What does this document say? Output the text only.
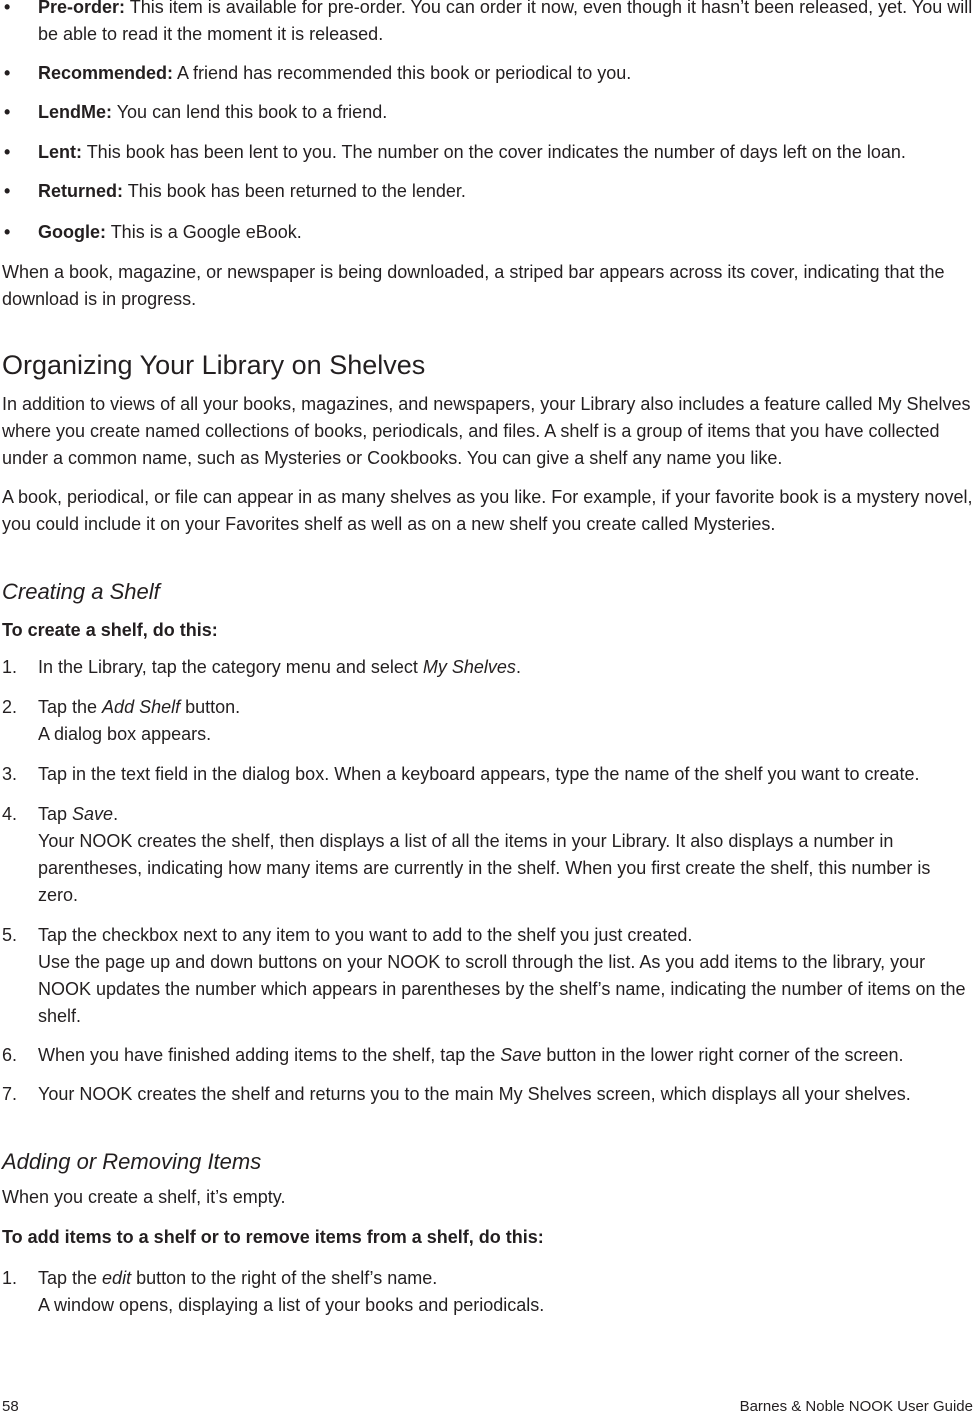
• Pre-order: This item is available for pre-order. You can order it now, even though it hasn’t been released, yet. You will be able to read it the moment it is released.
• Recommended: A friend has recommended this book or periodical to you.
• LendMe: You can lend this book to a friend.
• Lent: This book has been lent to you. The number on the cover indicates the number of days left on the loan.
• Returned: This book has been returned to the lender.
• Google: This is a Google eBook.

When a book, magazine, or newspaper is being downloaded, a striped bar appears across its cover, indicating that the download is in progress.

Organizing Your Library on Shelves

In addition to views of all your books, magazines, and newspapers, your Library also includes a feature called My Shelves where you create named collections of books, periodicals, and files. A shelf is a group of items that you have collected under a common name, such as Mysteries or Cookbooks. You can give a shelf any name you like.

A book, periodical, or file can appear in as many shelves as you like. For example, if your favorite book is a mystery novel, you could include it on your Favorites shelf as well as on a new shelf you create called Mysteries.

Creating a Shelf

To create a shelf, do this:

1. In the Library, tap the category menu and select My Shelves.
2. Tap the Add Shelf button.
A dialog box appears.
3. Tap in the text field in the dialog box. When a keyboard appears, type the name of the shelf you want to create.
4. Tap Save.
Your NOOK creates the shelf, then displays a list of all the items in your Library. It also displays a number in parentheses, indicating how many items are currently in the shelf. When you first create the shelf, this number is zero.
5. Tap the checkbox next to any item to you want to add to the shelf you just created.
Use the page up and down buttons on your NOOK to scroll through the list. As you add items to the library, your NOOK updates the number which appears in parentheses by the shelf’s name, indicating the number of items on the shelf.
6. When you have finished adding items to the shelf, tap the Save button in the lower right corner of the screen.
7. Your NOOK creates the shelf and returns you to the main My Shelves screen, which displays all your shelves.
Adding or Removing Items

When you create a shelf, it’s empty.

To add items to a shelf or to remove items from a shelf, do this:

1. Tap the edit button to the right of the shelf’s name.
A window opens, displaying a list of your books and periodicals.
58	Barnes & Noble NOOK User Guide
